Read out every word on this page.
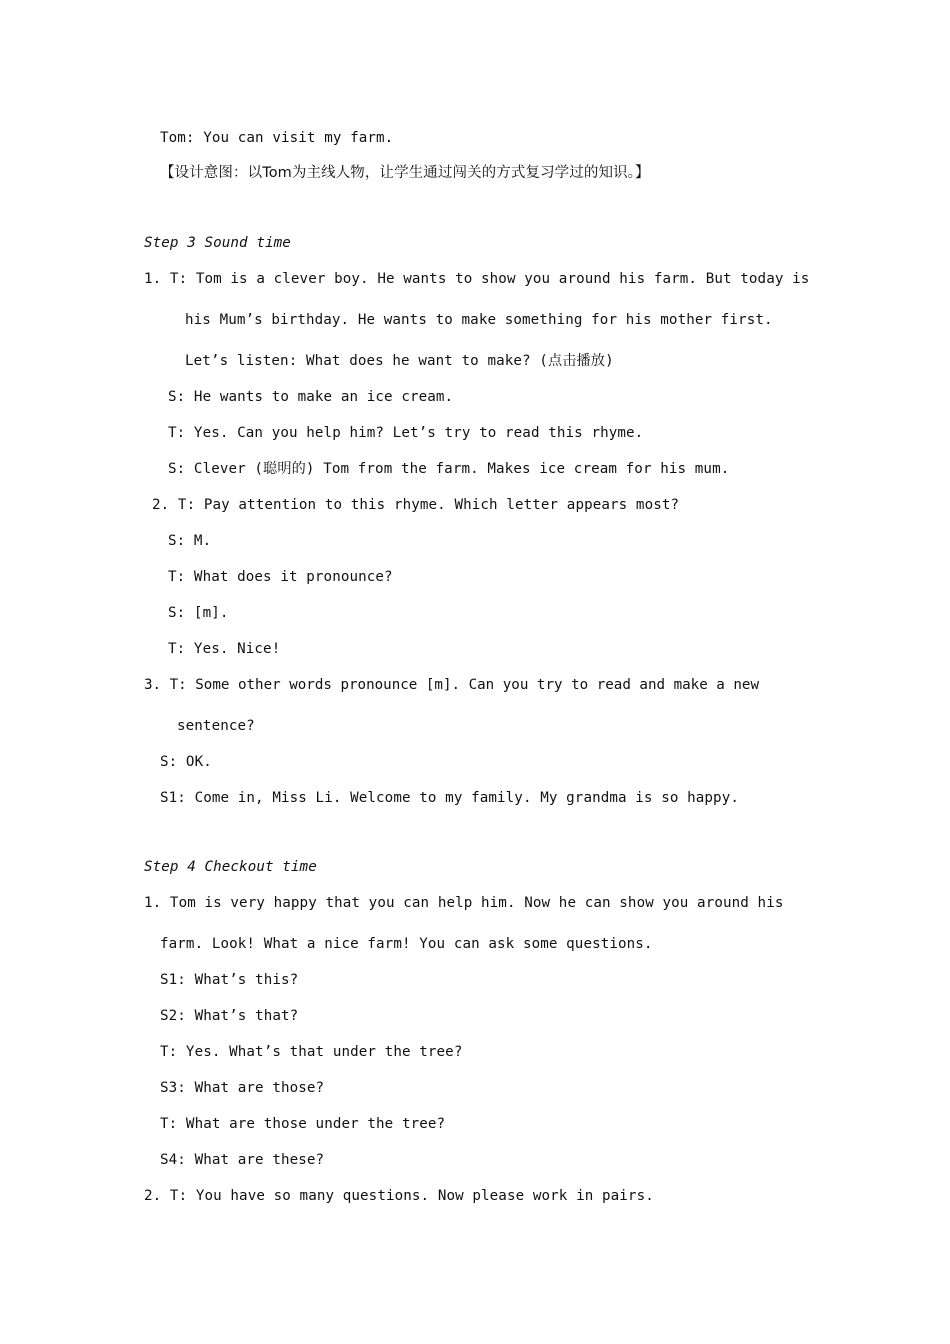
Tom: You can visit my farm.
【设计意图：以Tom为主线人物，让学生通过闯关的方式复习学过的知识。】
Step 3 Sound time
1. T: Tom is a clever boy. He wants to show you around his farm. But today is
his Mum’s birthday. He wants to make something for his mother first.
Let’s listen: What does he want to make? (点击播放)
S: He wants to make an ice cream.
T: Yes. Can you help him? Let’s try to read this rhyme.
S: Clever (聪明的) Tom from the farm. Makes ice cream for his mum.
2. T: Pay attention to this rhyme. Which letter appears most?
S: M.
T: What does it pronounce?
S: [m].
T: Yes. Nice!
3. T: Some other words pronounce [m]. Can you try to read and make a new
sentence?
S: OK.
S1: Come in, Miss Li. Welcome to my family. My grandma is so happy.
Step 4 Checkout time
1. Tom is very happy that you can help him. Now he can show you around his
farm. Look! What a nice farm! You can ask some questions.
S1: What’s this?
S2: What’s that?
T: Yes. What’s that under the tree?
S3: What are those?
T: What are those under the tree?
S4: What are these?
2. T: You have so many questions. Now please work in pairs.
